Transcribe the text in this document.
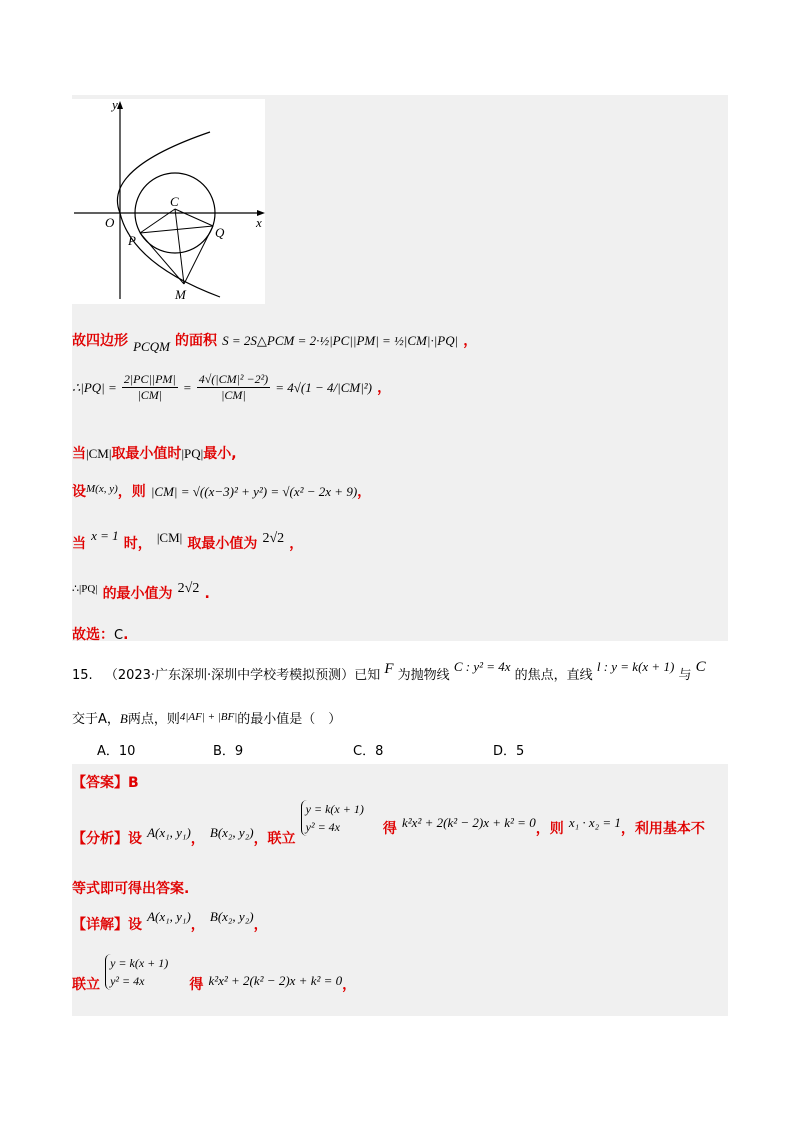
y
x
O
C
P
Q
M
故四边形 $_{PCQM}$ 的面积 S = 2S△PCM = 2·½|PC||PM| = ½|CM|·|PQ| ，
∴|PQ| = $\frac{2|PC||PM|}{|CM|} = \frac{\text{4√(|CM|² −2²)}}{|CM|} = 4√(1 - 4/|CM|^2)$ ，
当|CM|取最小值时|PQ|最小,
设$^{M(x, y)}$，则 |CM| = √((x−3)² + y²) = √(x² − 2x + 9)，
当 $^{x = 1}$ 时， $^{|CM|}$ 取最小值为 2√2 ，
$^{\therefore|PQ|}$ 的最小值为 2√2 .
故选：C.
15. （2023·广东深圳·深圳中学校考模拟预测）已知 F 为抛物线 C : y² = 4x 的焦点，直线 l : y = k(x + 1) 与 C
交于A，B两点，则$^{4|AF| + |BF|}$的最小值是（　）
A．10	B．9	C．8	D．5
【答案】B
【分析】设 $_{A(x_1, y_1)}$， $_{B(x_2, y_2)}$，联立
y = k(x + 1)
y² = 4x	得 $_{k^2x^2 + 2(k^2 - 2)x + k^2 = 0}$，则 $_{x_1 \cdot x_2 = 1}$，利用基本不
等式即可得出答案.
【详解】设 A(x₁, y₁)， B(x₂, y₂)，
联立
y = k(x + 1)
y² = 4x	得 $_{k^2x^2 + 2(k^2 - 2)x + k^2 = 0}$，
